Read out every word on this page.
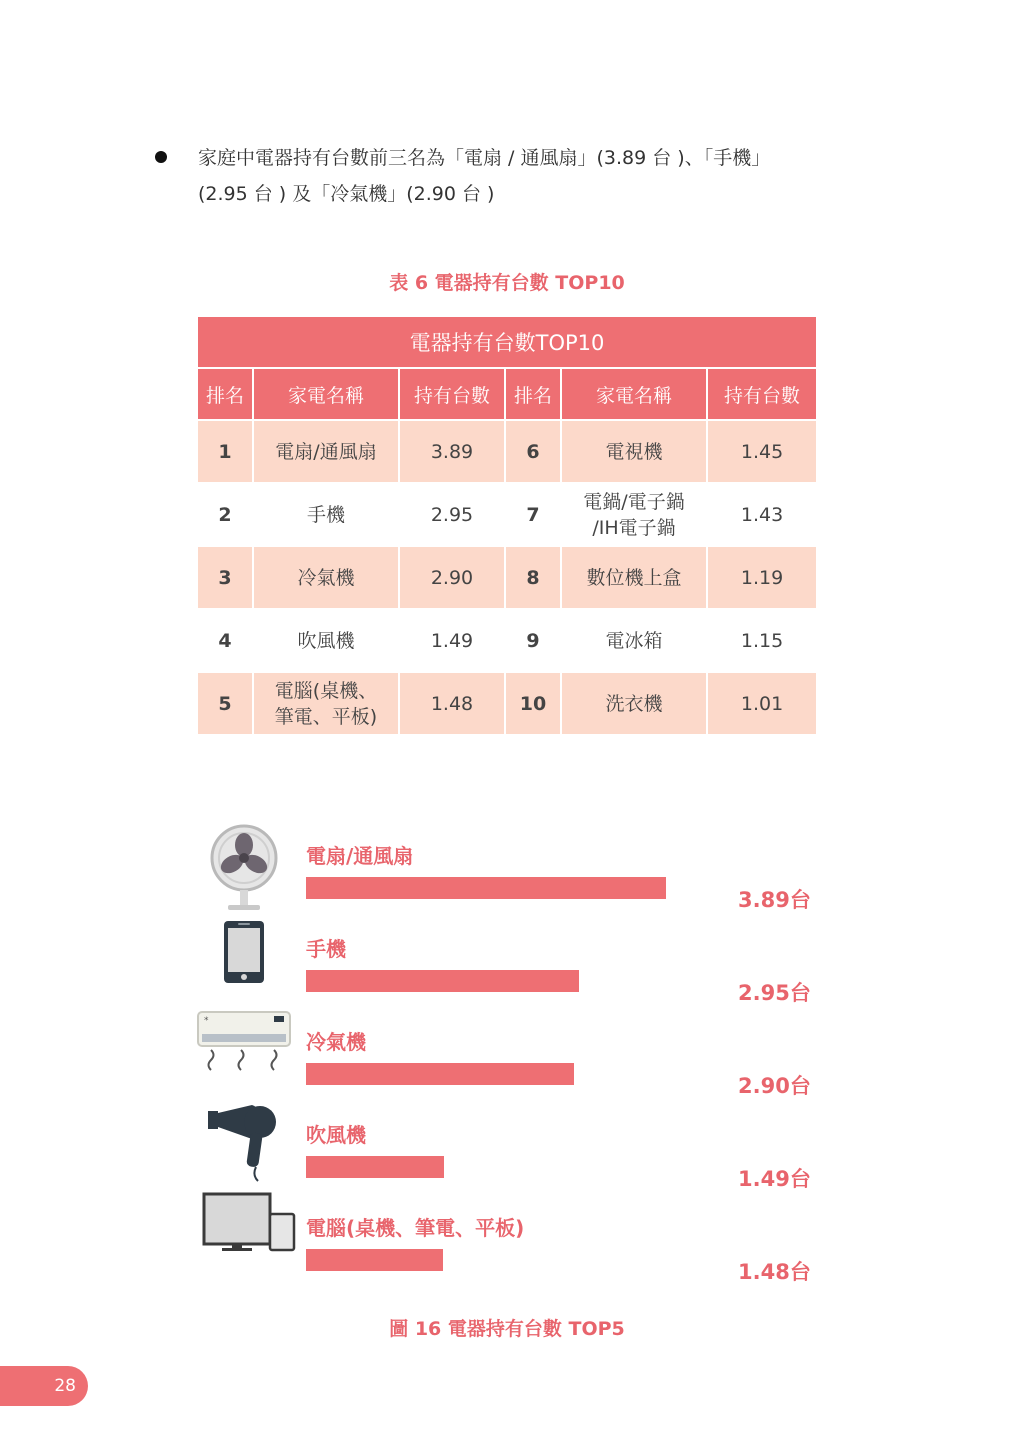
家庭中電器持有台數前三名為「電扇 / 通風扇」(3.89 台 )、「手機」
(2.95 台 ) 及「冷氣機」(2.90 台 )
表 6 電器持有台數 TOP10
電器持有台數TOP10					
排名	家電名稱	持有台數	排名	家電名稱	持有台數
1	電扇/通風扇	3.89	6	電視機	1.45
2	手機	2.95	7	電鍋/電子鍋 /IH電子鍋	1.43
3	冷氣機	2.90	8	數位機上盒	1.19
4	吹風機	1.49	9	電冰箱	1.15
5	電腦(桌機、 筆電、平板)	1.48	10	洗衣機	1.01
電扇/通風扇
3.89台
手機
2.95台
*
冷氣機
2.90台
吹風機
1.49台
電腦(桌機、筆電、平板)
1.48台
圖 16 電器持有台數 TOP5
28
